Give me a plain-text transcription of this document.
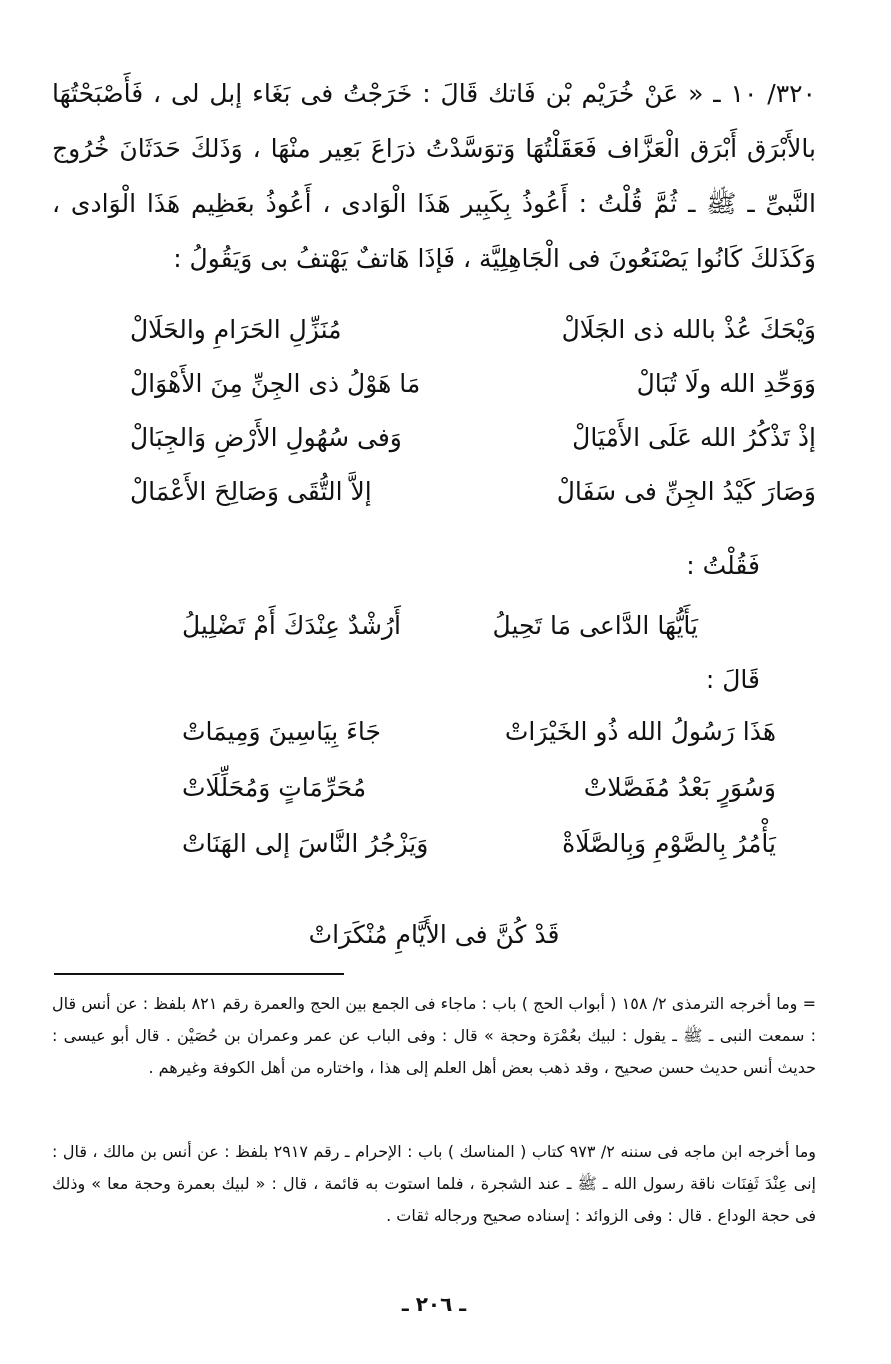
٣٢٠/ ١٠ ـ « عَنْ خُرَيْم بْن فَاتك قَالَ : خَرَجْتُ فى بَغَاء إبل لى ، فَأَصْبَحْتُهَا بالأَبْرَق أَبْرَق الْعَزَّاف فَعَقَلْتُهَا وَتوَسَّدْتُ ذرَاعَ بَعِير منْهَا ، وَذَلكَ حَدَثَانَ خُرُوج النَّبىِّ ـ ﷺ ـ ثُمَّ قُلْتُ : أَعُوذُ بِكَبِير هَذَا الْوَادى ، أَعُوذُ بعَظِيم هَذَا الْوَادى ، وَكَذَلكَ كَانُوا يَصْنَعُونَ فى الْجَاهِلِيَّة ، فَإذَا هَاتفٌ يَهْتفُ بى وَيَقُولُ :

وَيْحَكَ عُذْ بالله ذى الجَلَالْ
مُنَزِّلِ الحَرَامِ والحَلَالْ
وَوَحِّدِ الله ولَا تُبَالْ
مَا هَوْلُ ذى الجِنِّ مِنَ الأَهْوَالْ
إذْ تَذْكُرُ الله عَلَى الأَمْيَالْ
وَفى سُهُولِ الأَرْضِ وَالجِبَالْ
وَصَارَ كَيْدُ الجِنِّ فى سَفَالْ
إلاَّ التُّقَى وَصَالِحَ الأَعْمَالْ
فَقُلْتُ :
يَأَيُّهَا الدَّاعى مَا تَحِيلُ
أَرُشْدٌ عِنْدَكَ أَمْ تَضْلِيلُ
قَالَ :
هَذَا رَسُولُ الله ذُو الخَيْرَاتْ
جَاءَ بِيَاسِينَ وَمِيمَاتْ
وَسُوَرٍ بَعْدُ مُفَصَّلاتْ
مُحَرِّمَاتٍ وَمُحَلِّلَاتْ
يَأْمُرُ بِالصَّوْمِ وَبِالصَّلَاةْ
وَيَزْجُرُ النَّاسَ إلى الهَنَاتْ
قَدْ كُنَّ فى الأَيَّامِ مُنْكَرَاتْ

= وما أخرجه الترمذى ٢/ ١٥٨ ( أبواب الحج ) باب : ماجاء فى الجمع بين الحج والعمرة رقم ٨٢١ بلفظ : عن أنس قال : سمعت النبى ـ ﷺ ـ يقول : لبيك بعُمْرَة وحجة » قال : وفى الباب عن عمر وعمران بن حُصَيْن . قال أبو عيسى : حديث أنس حديث حسن صحيح ، وقد ذهب بعض أهل العلم إلى هذا ، واختاره من أهل الكوفة وغيرهم .

وما أخرجه ابن ماجه فى سننه ٢/ ٩٧٣ كتاب ( المناسك ) باب : الإحرام ـ رقم ٢٩١٧ بلفظ : عن أنس بن مالك ، قال : إنى عِنْدَ ثَفِنَات ناقة رسول الله ـ ﷺ ـ عند الشجرة ، فلما استوت به قائمة ، قال : « لبيك بعمرة وحجة معا » وذلك فى حجة الوداع . قال : وفى الزوائد : إسناده صحيح ورجاله ثقات .

ـ ٢٠٦ ـ
